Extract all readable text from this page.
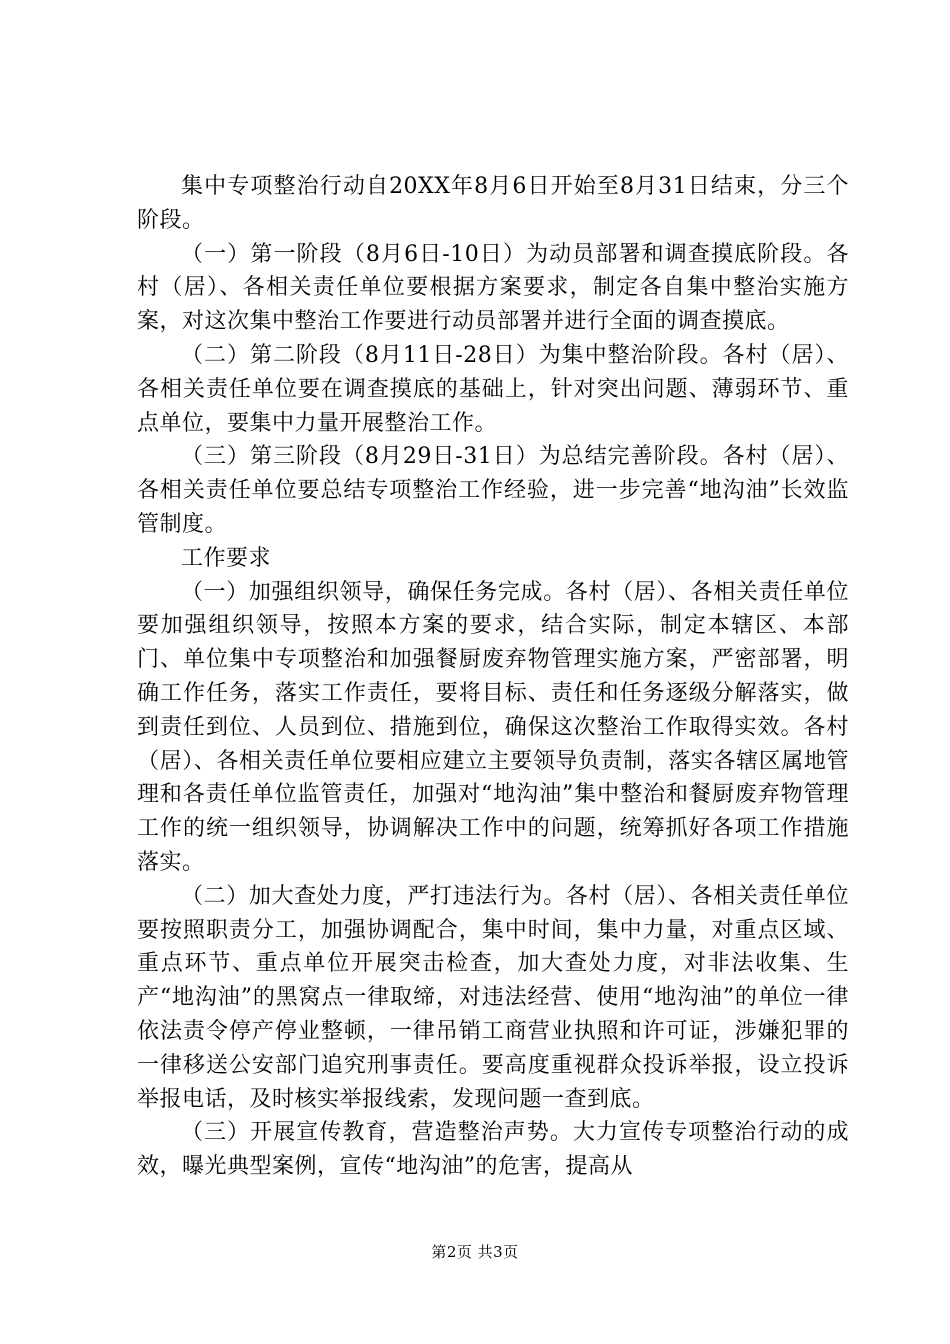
集中专项整治行动自20XX年8月6日开始至8月31日结束，分三个阶段。

（一）第一阶段（8月6日-10日）为动员部署和调查摸底阶段。各村（居）、各相关责任单位要根据方案要求，制定各自集中整治实施方案，对这次集中整治工作要进行动员部署并进行全面的调查摸底。

（二）第二阶段（8月11日-28日）为集中整治阶段。各村（居）、各相关责任单位要在调查摸底的基础上，针对突出问题、薄弱环节、重点单位，要集中力量开展整治工作。

（三）第三阶段（8月29日-31日）为总结完善阶段。各村（居）、各相关责任单位要总结专项整治工作经验，进一步完善“地沟油”长效监管制度。

工作要求

（一）加强组织领导，确保任务完成。各村（居）、各相关责任单位要加强组织领导，按照本方案的要求，结合实际，制定本辖区、本部门、单位集中专项整治和加强餐厨废弃物管理实施方案，严密部署，明确工作任务，落实工作责任，要将目标、责任和任务逐级分解落实，做到责任到位、人员到位、措施到位，确保这次整治工作取得实效。各村（居）、各相关责任单位要相应建立主要领导负责制，落实各辖区属地管理和各责任单位监管责任，加强对“地沟油”集中整治和餐厨废弃物管理工作的统一组织领导，协调解决工作中的问题，统筹抓好各项工作措施落实。

（二）加大查处力度，严打违法行为。各村（居）、各相关责任单位要按照职责分工，加强协调配合，集中时间，集中力量，对重点区域、重点环节、重点单位开展突击检查，加大查处力度，对非法收集、生产“地沟油”的黑窝点一律取缔，对违法经营、使用“地沟油”的单位一律依法责令停产停业整顿，一律吊销工商营业执照和许可证，涉嫌犯罪的一律移送公安部门追究刑事责任。要高度重视群众投诉举报，设立投诉举报电话，及时核实举报线索，发现问题一查到底。

（三）开展宣传教育，营造整治声势。大力宣传专项整治行动的成效，曝光典型案例，宣传“地沟油”的危害，提高从

第2页 共3页
